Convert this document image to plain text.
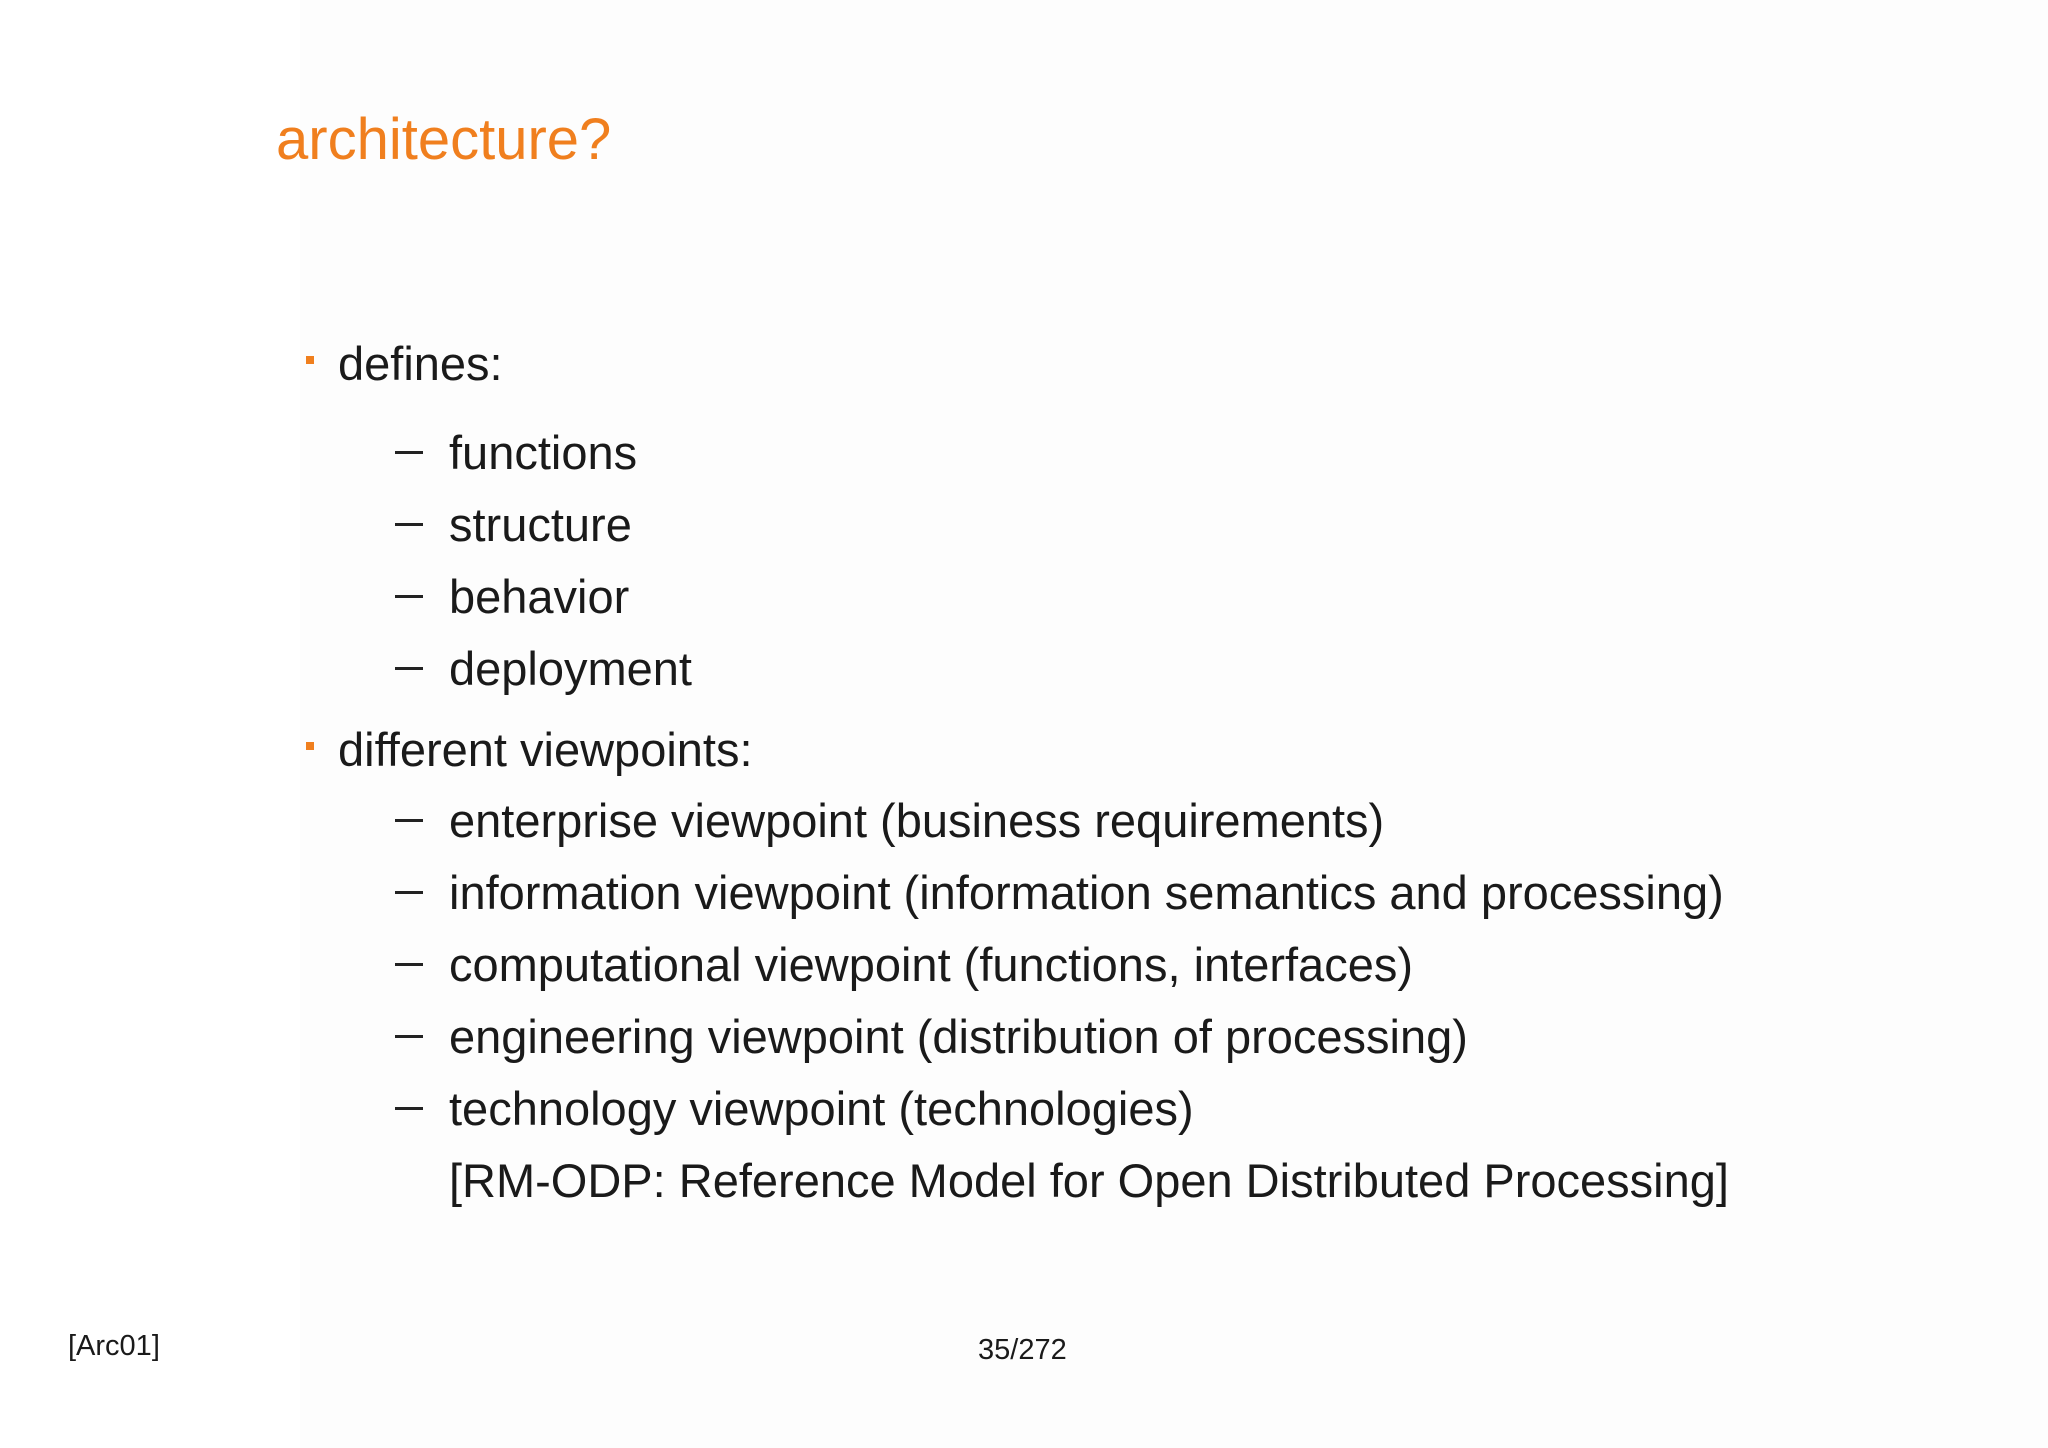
architecture?
defines:
functions
structure
behavior
deployment
different viewpoints:
enterprise viewpoint (business requirements)
information viewpoint (information semantics and processing)
computational viewpoint (functions, interfaces)
engineering viewpoint (distribution of processing)
technology viewpoint (technologies)
[RM-ODP: Reference Model for Open Distributed Processing]
[Arc01]	35/272
